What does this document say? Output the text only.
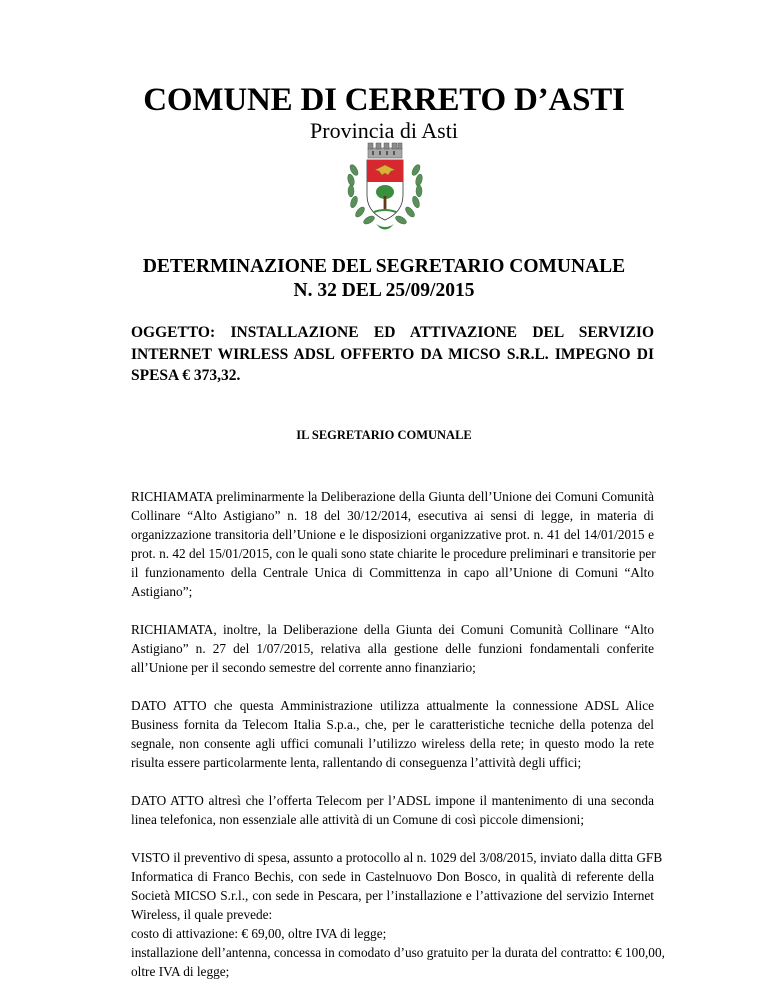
COMUNE DI CERRETO D’ASTI
Provincia di Asti
DETERMINAZIONE DEL SEGRETARIO COMUNALE
N. 32 DEL 25/09/2015
OGGETTO: INSTALLAZIONE ED ATTIVAZIONE DEL SERVIZIO
INTERNET WIRLESS ADSL OFFERTO DA MICSO S.R.L. IMPEGNO DI
SPESA € 373,32.
IL SEGRETARIO COMUNALE
RICHIAMATA preliminarmente la Deliberazione della Giunta dell’Unione dei Comuni Comunità
Collinare “Alto Astigiano” n. 18 del 30/12/2014, esecutiva ai sensi di legge, in materia di
organizzazione transitoria dell’Unione e le disposizioni organizzative prot. n. 41 del 14/01/2015 e
prot. n. 42 del 15/01/2015, con le quali sono state chiarite le procedure preliminari e transitorie per
il funzionamento della Centrale Unica di Committenza in capo all’Unione di Comuni “Alto
Astigiano”;
RICHIAMATA, inoltre, la Deliberazione della Giunta dei Comuni Comunità Collinare “Alto
Astigiano” n. 27 del 1/07/2015, relativa alla gestione delle funzioni fondamentali conferite
all’Unione per il secondo semestre del corrente anno finanziario;
DATO ATTO che questa Amministrazione utilizza attualmente la connessione ADSL Alice
Business fornita da Telecom Italia S.p.a., che, per le caratteristiche tecniche della potenza del
segnale, non consente agli uffici comunali l’utilizzo wireless della rete; in questo modo la rete
risulta essere particolarmente lenta, rallentando di conseguenza l’attività degli uffici;
DATO ATTO altresì che l’offerta Telecom per l’ADSL impone il mantenimento di una seconda
linea telefonica, non essenziale alle attività di un Comune di così piccole dimensioni;
VISTO il preventivo di spesa, assunto a protocollo al n. 1029 del 3/08/2015, inviato dalla ditta GFB
Informatica di Franco Bechis, con sede in Castelnuovo Don Bosco, in qualità di referente della
Società MICSO S.r.l., con sede in Pescara, per l’installazione e l’attivazione del servizio Internet
Wireless, il quale prevede:
costo di attivazione: € 69,00, oltre IVA di legge;
installazione dell’antenna, concessa in comodato d’uso gratuito per la durata del contratto: € 100,00,
oltre IVA di legge;
